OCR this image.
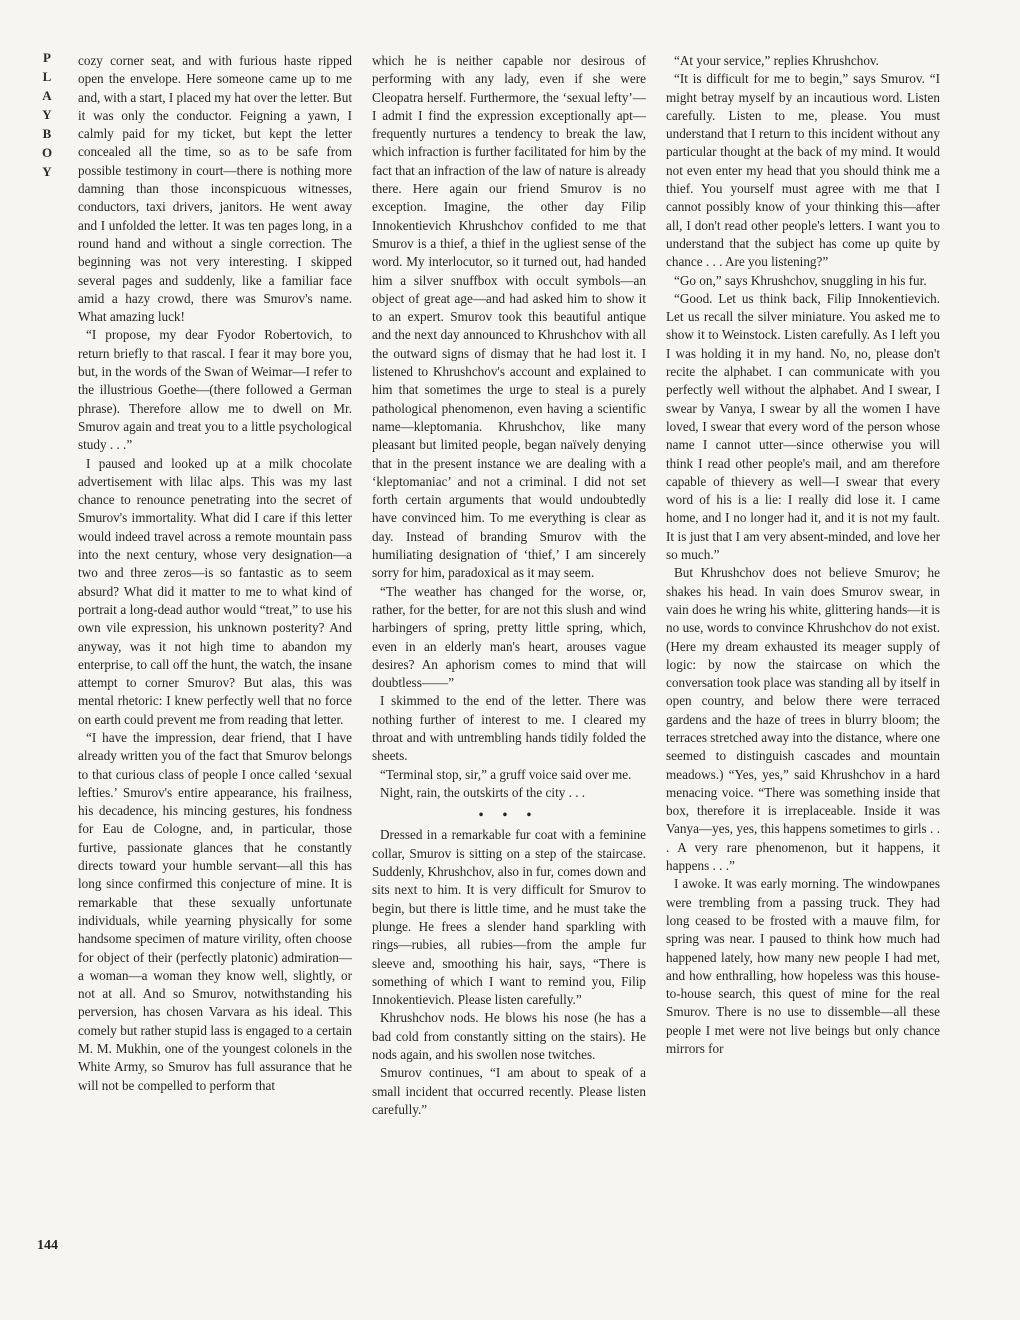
P
L
A
Y
B
O
Y
144

cozy corner seat, and with furious haste ripped open the envelope. Here someone came up to me and, with a start, I placed my hat over the letter. But it was only the conductor. Feigning a yawn, I calmly paid for my ticket, but kept the letter concealed all the time, so as to be safe from possible testimony in court—there is nothing more damning than those inconspicuous witnesses, conductors, taxi drivers, janitors. He went away and I unfolded the letter. It was ten pages long, in a round hand and without a single correction. The beginning was not very interesting. I skipped several pages and suddenly, like a familiar face amid a hazy crowd, there was Smurov's name. What amazing luck!

“I propose, my dear Fyodor Robertovich, to return briefly to that rascal. I fear it may bore you, but, in the words of the Swan of Weimar—I refer to the illustrious Goethe—(there followed a German phrase). Therefore allow me to dwell on Mr. Smurov again and treat you to a little psychological study . . .”

I paused and looked up at a milk chocolate advertisement with lilac alps. This was my last chance to renounce penetrating into the secret of Smurov's immortality. What did I care if this letter would indeed travel across a remote mountain pass into the next century, whose very designation—a two and three zeros—is so fantastic as to seem absurd? What did it matter to me to what kind of portrait a long-dead author would “treat,” to use his own vile expression, his unknown posterity? And anyway, was it not high time to abandon my enterprise, to call off the hunt, the watch, the insane attempt to corner Smurov? But alas, this was mental rhetoric: I knew perfectly well that no force on earth could prevent me from reading that letter.

“I have the impression, dear friend, that I have already written you of the fact that Smurov belongs to that curious class of people I once called ‘sexual lefties.’ Smurov's entire appearance, his frailness, his decadence, his mincing gestures, his fondness for Eau de Cologne, and, in particular, those furtive, passionate glances that he constantly directs toward your humble servant—all this has long since confirmed this conjecture of mine. It is remarkable that these sexually unfortunate individuals, while yearning physically for some handsome specimen of mature virility, often choose for object of their (perfectly platonic) admiration—a woman—a woman they know well, slightly, or not at all. And so Smurov, notwithstanding his perversion, has chosen Varvara as his ideal. This comely but rather stupid lass is engaged to a certain M. M. Mukhin, one of the youngest colonels in the White Army, so Smurov has full assurance that he will not be compelled to perform that

which he is neither capable nor desirous of performing with any lady, even if she were Cleopatra herself. Furthermore, the ‘sexual lefty’—I admit I find the expression exceptionally apt—frequently nurtures a tendency to break the law, which infraction is further facilitated for him by the fact that an infraction of the law of nature is already there. Here again our friend Smurov is no exception. Imagine, the other day Filip Innokentievich Khrushchov confided to me that Smurov is a thief, a thief in the ugliest sense of the word. My interlocutor, so it turned out, had handed him a silver snuffbox with occult symbols—an object of great age—and had asked him to show it to an expert. Smurov took this beautiful antique and the next day announced to Khrushchov with all the outward signs of dismay that he had lost it. I listened to Khrushchov's account and explained to him that sometimes the urge to steal is a purely pathological phenomenon, even having a scientific name—kleptomania. Khrushchov, like many pleasant but limited people, began naïvely denying that in the present instance we are dealing with a ‘kleptomaniac’ and not a criminal. I did not set forth certain arguments that would undoubtedly have convinced him. To me everything is clear as day. Instead of branding Smurov with the humiliating designation of ‘thief,’ I am sincerely sorry for him, paradoxical as it may seem.

“The weather has changed for the worse, or, rather, for the better, for are not this slush and wind harbingers of spring, pretty little spring, which, even in an elderly man's heart, arouses vague desires? An aphorism comes to mind that will doubtless——”

I skimmed to the end of the letter. There was nothing further of interest to me. I cleared my throat and with untrembling hands tidily folded the sheets.

“Terminal stop, sir,” a gruff voice said over me.

Night, rain, the outskirts of the city . . .

• • •

Dressed in a remarkable fur coat with a feminine collar, Smurov is sitting on a step of the staircase. Suddenly, Khrushchov, also in fur, comes down and sits next to him. It is very difficult for Smurov to begin, but there is little time, and he must take the plunge. He frees a slender hand sparkling with rings—rubies, all rubies—from the ample fur sleeve and, smoothing his hair, says, “There is something of which I want to remind you, Filip Innokentievich. Please listen carefully.”

Khrushchov nods. He blows his nose (he has a bad cold from constantly sitting on the stairs). He nods again, and his swollen nose twitches.

Smurov continues, “I am about to speak of a small incident that occurred recently. Please listen carefully.”

“At your service,” replies Khrushchov.

“It is difficult for me to begin,” says Smurov. “I might betray myself by an incautious word. Listen carefully. Listen to me, please. You must understand that I return to this incident without any particular thought at the back of my mind. It would not even enter my head that you should think me a thief. You yourself must agree with me that I cannot possibly know of your thinking this—after all, I don't read other people's letters. I want you to understand that the subject has come up quite by chance . . . Are you listening?”

“Go on,” says Khrushchov, snuggling in his fur.

“Good. Let us think back, Filip Innokentievich. Let us recall the silver miniature. You asked me to show it to Weinstock. Listen carefully. As I left you I was holding it in my hand. No, no, please don't recite the alphabet. I can communicate with you perfectly well without the alphabet. And I swear, I swear by Vanya, I swear by all the women I have loved, I swear that every word of the person whose name I cannot utter—since otherwise you will think I read other people's mail, and am therefore capable of thievery as well—I swear that every word of his is a lie: I really did lose it. I came home, and I no longer had it, and it is not my fault. It is just that I am very absent-minded, and love her so much.”

But Khrushchov does not believe Smurov; he shakes his head. In vain does Smurov swear, in vain does he wring his white, glittering hands—it is no use, words to convince Khrushchov do not exist. (Here my dream exhausted its meager supply of logic: by now the staircase on which the conversation took place was standing all by itself in open country, and below there were terraced gardens and the haze of trees in blurry bloom; the terraces stretched away into the distance, where one seemed to distinguish cascades and mountain meadows.) “Yes, yes,” said Khrushchov in a hard menacing voice. “There was something inside that box, therefore it is irreplaceable. Inside it was Vanya—yes, yes, this happens sometimes to girls . . . A very rare phenomenon, but it happens, it happens . . .”

I awoke. It was early morning. The windowpanes were trembling from a passing truck. They had long ceased to be frosted with a mauve film, for spring was near. I paused to think how much had happened lately, how many new people I had met, and how enthralling, how hopeless was this house-to-house search, this quest of mine for the real Smurov. There is no use to dissemble—all these people I met were not live beings but only chance mirrors for
